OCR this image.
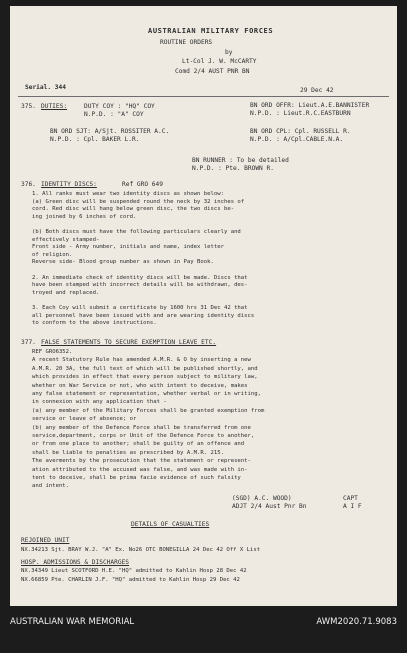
AUSTRALIAN MILITARY FORCES
ROUTINE ORDERS
by
Lt-Col J. W. McCARTY
Comd 2/4 AUST PNR BN
Serial. 344	29 Dec 42
375. DUTIES:	DUTY COY : "HQ" COY
N.P.D. : "A" COY
BN ORD OFFR: Lieut.A.E.BANNISTER
N.P.D. : Lieut.R.C.EASTBURN
BN ORD SJT: A/Sjt. ROSSITER A.C.
N.P.D. : Cpl. BAKER L.R.
BN ORD CPL: Cpl. RUSSELL R.
N.P.D. : A/Cpl.CABLE.N.A.
BN RUNNER : To be detailed
N.P.D. : Pte. BROWN R.
376. IDENTITY DISCS:	Ref GRO 649
1. All ranks must wear two identity discs as shown below:
(a) Green disc will be suspended round the neck by 32 inches of
cord. Red disc will hang below green disc, the two discs be-
ing joined by 6 inches of cord.
(b) Both discs must have the following particulars clearly and
effectively stamped-
Front side - Army number, initials and name, index letter
of religion.
Reverse side- Blood group number as shown in Pay Book.
2. An immediate check of identity discs will be made. Discs that
have been stamped with incorrect details will be withdrawn, des-
troyed and replaced.
3. Each Coy will submit a certificate by 1600 hrs 31 Dec 42 that
all personnel have been issued with and are wearing identity discs
to conform to the above instructions.
377. FALSE STATEMENTS TO SECURE EXEMPTION LEAVE ETC.
REF GRO6352.
A recent Statutory Rule has amended A.M.R. & O by inserting a new
A.M.R. 20 3A, the full text of which will be published shortly, and
which provides in effect that every person subject to military law,
whether on War Service or not, who with intent to deceive, makes
any false statement or representation, whether verbal or in writing,
in connexion with any application that -
(a) any member of the Military Forces shall be granted exemption from
service or leave of absence; or
(b) any member of the Defence Force shall be transferred from one
service,department, corps or Unit of the Defence Force to another,
or from one place to another; shall be guilty of an offence and
shall be liable to penalties as prescribed by A.M.R. 215.
The averments by the prosecution that the statement or represent-
ation attributed to the accused was false, and was made with in-
tent to deceive, shall be prima facie evidence of such falsity
and intent.
(SGD) A.C. WOOD)	CAPT
ADJT 2/4 Aust Pnr Bn	A I F
DETAILS OF CASUALTIES
REJOINED UNIT
NX.34213 Sjt. BRAY W.J. "A" Ex. No26 OTC BONEGILLA 24 Dec 42 Off X List
HOSP. ADMISSIONS & DISCHARGES
NX.34349 Lieut SCOTFORD H.E. "HQ" admitted to Kahlin Hosp 28 Dec 42
NX.66859 Pte. CHARLIN J.F. "HQ" admitted to Kahlin Hosp 29 Dec 42
AUSTRALIAN WAR MEMORIAL	AWM2020.71.9083
